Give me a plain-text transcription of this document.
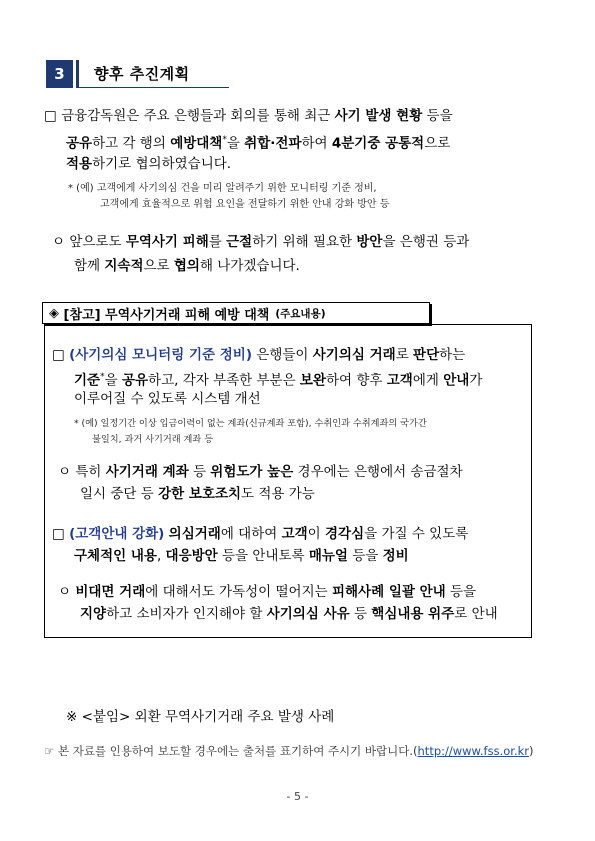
3	향후 추진계획
□ 금융감독원은 주요 은행들과 회의를 통해 최근 사기 발생 현황 등을
공유하고 각 행의 예방대책*을 취합·전파하여 4분기중 공통적으로
적용하기로 협의하였습니다.
* (예) 고객에게 사기의심 건을 미리 알려주기 위한 모니터링 기준 정비,
고객에게 효율적으로 위험 요인을 전달하기 위한 안내 강화 방안 등
ㅇ 앞으로도 무역사기 피해를 근절하기 위해 필요한 방안을 은행권 등과
함께 지속적으로 협의해 나가겠습니다.
◈
[참고] 무역사기거래 피해 예방 대책 (주요내용)
□ (사기의심 모니터링 기준 정비) 은행들이 사기의심 거래로 판단하는
기준*을 공유하고, 각자 부족한 부분은 보완하여 향후 고객에게 안내가
이루어질 수 있도록 시스템 개선
* (예) 일정기간 이상 입금이력이 없는 계좌(신규계좌 포함), 수취인과 수취계좌의 국가간
불일치, 과거 사기거래 계좌 등
ㅇ 특히 사기거래 계좌 등 위험도가 높은 경우에는 은행에서 송금절차
일시 중단 등 강한 보호조치도 적용 가능
□ (고객안내 강화) 의심거래에 대하여 고객이 경각심을 가질 수 있도록
구체적인 내용, 대응방안 등을 안내토록 매뉴얼 등을 정비
ㅇ 비대면 거래에 대해서도 가독성이 떨어지는 피해사례 일괄 안내 등을
지양하고 소비자가 인지해야 할 사기의심 사유 등 핵심내용 위주로 안내
※ <붙임> 외환 무역사기거래 주요 발생 사례
☞ 본 자료를 인용하여 보도할 경우에는 출처를 표기하여 주시기 바랍니다.(http://www.fss.or.kr)
- 5 -
